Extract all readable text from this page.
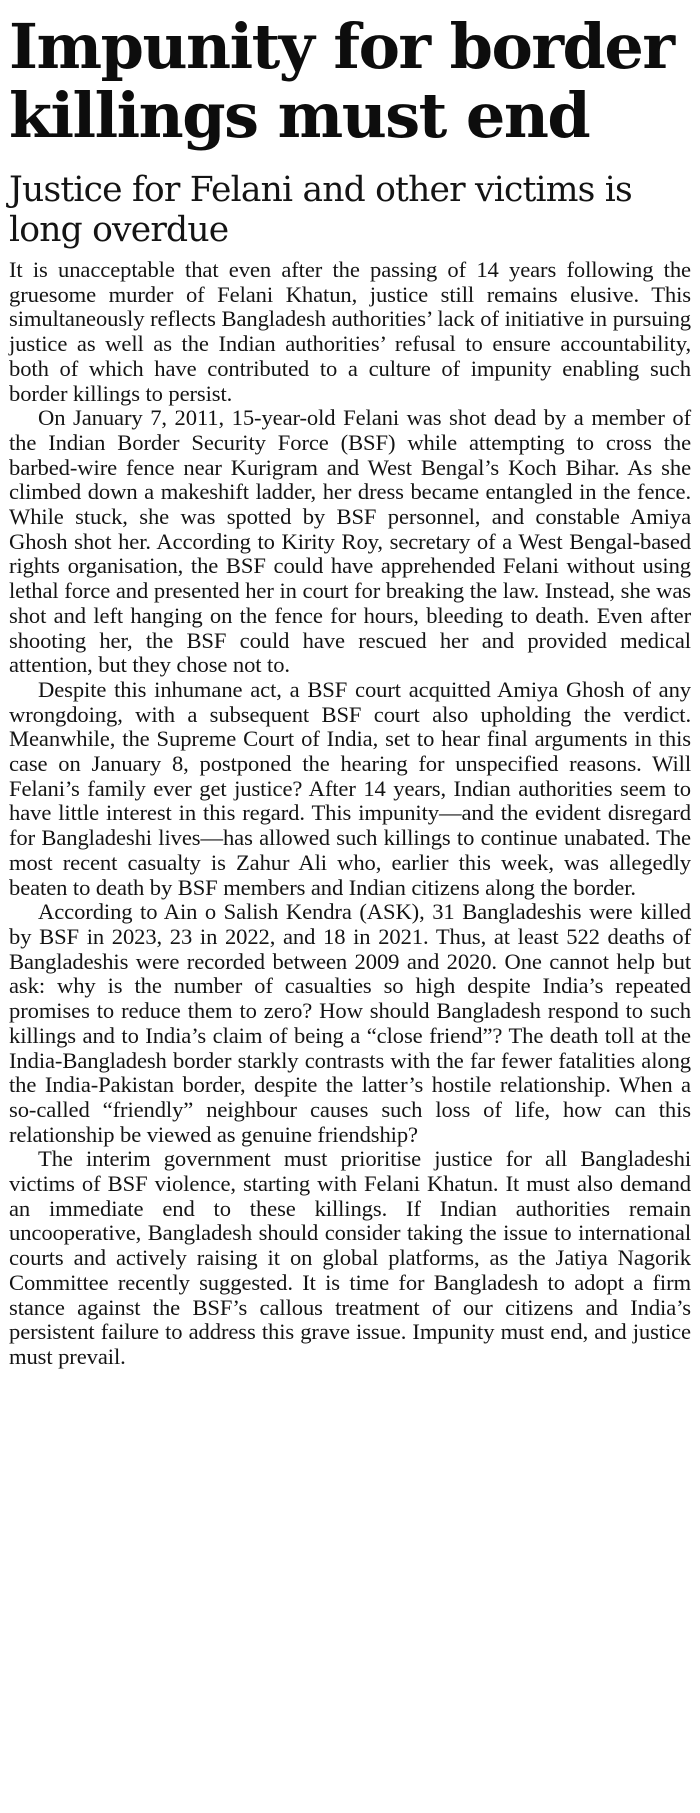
Impunity for border killings must end
Justice for Felani and other victims is long overdue

It is unacceptable that even after the passing of 14 years following the gruesome murder of Felani Khatun, justice still remains elusive. This simultaneously reflects Bangladesh authorities’ lack of initiative in pursuing justice as well as the Indian authorities’ refusal to ensure accountability, both of which have contributed to a culture of impunity enabling such border killings to persist.

On January 7, 2011, 15-year-old Felani was shot dead by a member of the Indian Border Security Force (BSF) while attempting to cross the barbed-wire fence near Kurigram and West Bengal’s Koch Bihar. As she climbed down a makeshift ladder, her dress became entangled in the fence. While stuck, she was spotted by BSF personnel, and constable Amiya Ghosh shot her. According to Kirity Roy, secretary of a West Bengal-based rights organisation, the BSF could have apprehended Felani without using lethal force and presented her in court for breaking the law. Instead, she was shot and left hanging on the fence for hours, bleeding to death. Even after shooting her, the BSF could have rescued her and provided medical attention, but they chose not to.

Despite this inhumane act, a BSF court acquitted Amiya Ghosh of any wrongdoing, with a subsequent BSF court also upholding the verdict. Meanwhile, the Supreme Court of India, set to hear final arguments in this case on January 8, postponed the hearing for unspecified reasons. Will Felani’s family ever get justice? After 14 years, Indian authorities seem to have little interest in this regard. This impunity—and the evident disregard for Bangladeshi lives—has allowed such killings to continue unabated. The most recent casualty is Zahur Ali who, earlier this week, was allegedly beaten to death by BSF members and Indian citizens along the border.

According to Ain o Salish Kendra (ASK), 31 Bangladeshis were killed by BSF in 2023, 23 in 2022, and 18 in 2021. Thus, at least 522 deaths of Bangladeshis were recorded between 2009 and 2020. One cannot help but ask: why is the number of casualties so high despite India’s repeated promises to reduce them to zero? How should Bangladesh respond to such killings and to India’s claim of being a “close friend”? The death toll at the India-Bangladesh border starkly contrasts with the far fewer fatalities along the India-Pakistan border, despite the latter’s hostile relationship. When a so-called “friendly” neighbour causes such loss of life, how can this relationship be viewed as genuine friendship?

The interim government must prioritise justice for all Bangladeshi victims of BSF violence, starting with Felani Khatun. It must also demand an immediate end to these killings. If Indian authorities remain uncooperative, Bangladesh should consider taking the issue to international courts and actively raising it on global platforms, as the Jatiya Nagorik Committee recently suggested. It is time for Bangladesh to adopt a firm stance against the BSF’s callous treatment of our citizens and India’s persistent failure to address this grave issue. Impunity must end, and justice must prevail.
